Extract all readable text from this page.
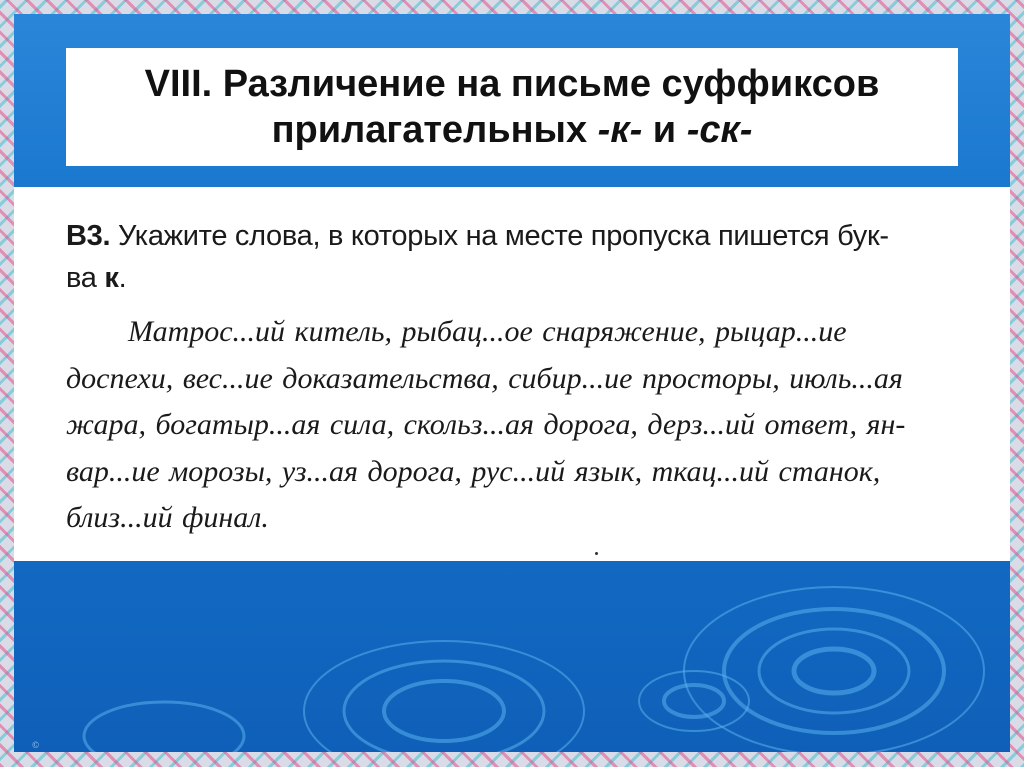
VIII. Различение на письме суффиксов
прилагательных -к- и -ск-
В3. Укажите слова, в которых на месте пропуска пишется бук-
ва к.
Матрос...ий китель, рыбац...ое снаряжение, рыцар...ие
доспехи, вес...ие доказательства, сибир...ие просторы, июль...ая
жара, богатыр...ая сила, скольз...ая дорога, дерз...ий ответ, ян-
вар...ие морозы, уз...ая дорога, рус...ий язык, ткац...ий станок,
близ...ий финал.
©
